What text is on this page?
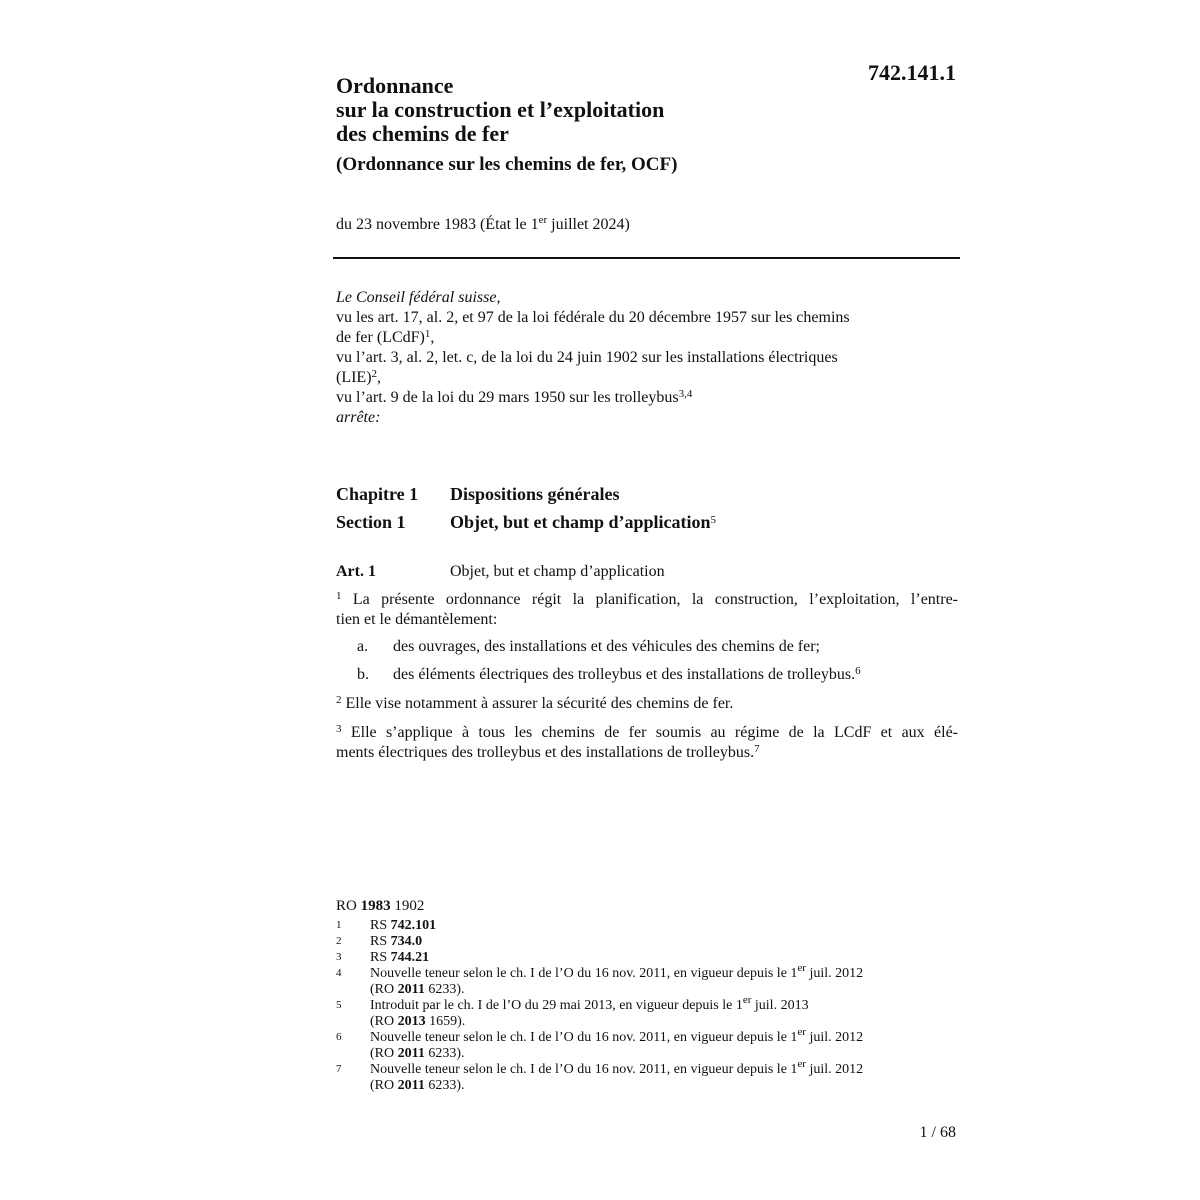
742.141.1
Ordonnance
sur la construction et l’exploitation
des chemins de fer
(Ordonnance sur les chemins de fer, OCF)
du 23 novembre 1983 (État le 1er juillet 2024)
Le Conseil fédéral suisse,
vu les art. 17, al. 2, et 97 de la loi fédérale du 20 décembre 1957 sur les chemins
de fer (LCdF)$^1$,
vu l’art. 3, al. 2, let. c, de la loi du 24 juin 1902 sur les installations électriques
(LIE)$^2$,
vu l’art. 9 de la loi du 29 mars 1950 sur les trolleybus$^{3,4}$
arrête:
Chapitre 1 Dispositions générales
Section 1 Objet, but et champ d’application$^5$
Art. 1	Objet, but et champ d’application
$^1$ La présente ordonnance régit la planification, la construction, l’exploitation, l’entre-
tien et le démantèlement:
a. des ouvrages, des installations et des véhicules des chemins de fer;
b. des éléments électriques des trolleybus et des installations de trolleybus.$^6$
$^2$ Elle vise notamment à assurer la sécurité des chemins de fer.
$^3$ Elle s’applique à tous les chemins de fer soumis au régime de la LCdF et aux élé-
ments électriques des trolleybus et des installations de trolleybus.$^7$
RO 1983 1902
1	RS 742.101
2	RS 734.0
3	RS 744.21
4	Nouvelle teneur selon le ch. I de l’O du 16 nov. 2011, en vigueur depuis le 1er juil. 2012
(RO 2011 6233).
5	Introduit par le ch. I de l’O du 29 mai 2013, en vigueur depuis le 1er juil. 2013
(RO 2013 1659).
6	Nouvelle teneur selon le ch. I de l’O du 16 nov. 2011, en vigueur depuis le 1er juil. 2012
(RO 2011 6233).
7	Nouvelle teneur selon le ch. I de l’O du 16 nov. 2011, en vigueur depuis le 1er juil. 2012
(RO 2011 6233).
1 / 68
